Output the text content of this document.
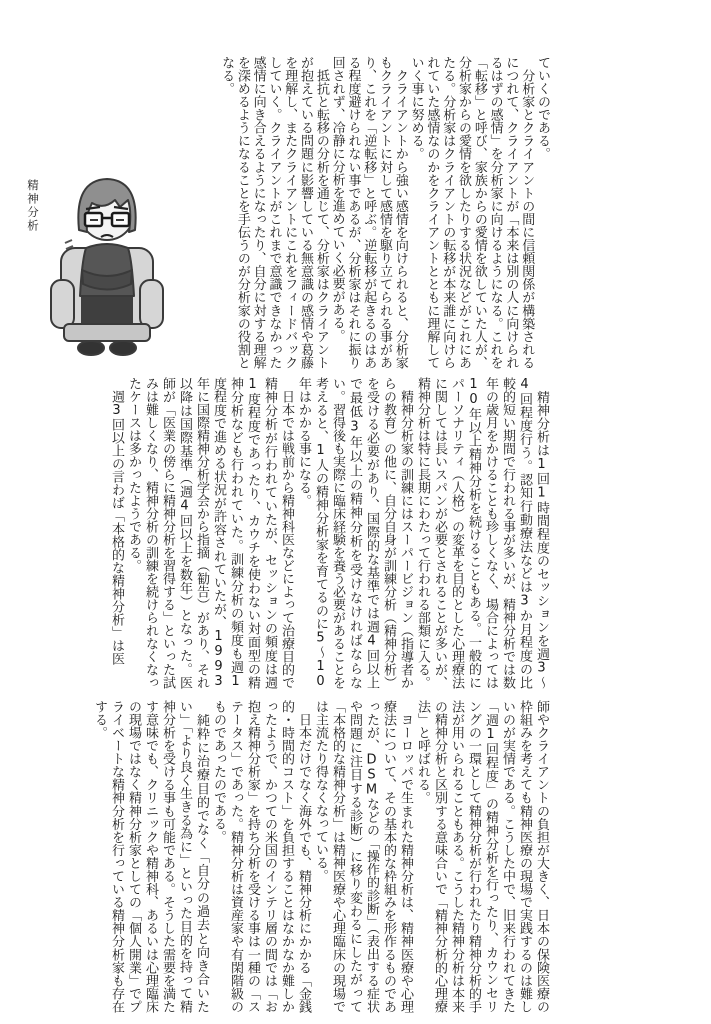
精神分析

ていくのである。

　分析家とクライアントの間に信頼関係が構築されるにつれて、クライアントが「本来は別の人に向けられるはずの感情」を分析家に向けるようになる。これを「転移」と呼び、家族からの愛情を欲していた人が、分析家からの愛情を欲したりする状況などがこれにあたる。分析家はクライアントの転移が本来誰に向けられていた感情なのかをクライアントとともに理解していく事に努める。

　クライアントから強い感情を向けられると、分析家もクライアントに対して感情を駆り立てられる事があり、これを「逆転移」と呼ぶ。逆転移が起きるのはある程度避けられない事であるが、分析家はそれに振り回されず、冷静に分析を進めていく必要がある。

　抵抗と転移の分析を通じて、分析家はクライアントが抱えている問題に影響している無意識の感情や葛藤を理解し、またクライアントにこれをフィードバックしていく。クライアントがこれまで意識できなかった感情に向き合えるようになったり、自分に対する理解を深めるようになることを手伝うのが分析家の役割となる。

　精神分析は1回1時間程度のセッションを週3～4回程度行う。認知行動療法などは3か月程度の比較的短い期間で行われる事が多いが、精神分析では数年の歳月をかけることも珍しくなく、場合によっては10年以上精神分析を続けることもある。一般的にパーソナリティ（人格）の変革を目的とした心理療法に関しては長いスパンが必要とされることが多いが、精神分析は特に長期にわたって行われる部類に入る。

　精神分析家の訓練にはスーパービジョン（指導者からの教育）の他に、自分自身が訓練分析（精神分析）を受ける必要があり、国際的な基準では週4回以上で最低3年以上の精神分析を受けなければならない。習得後も実際に臨床経験を養う必要があることを考えると、1人の精神分析家を育てるのに5～10年はかかる事になる。

　日本では戦前から精神科医などによって治療目的で精神分析が行われていたが、セッションの頻度は週1度程度であったり、カウチを使わない対面型の精神分析なども行われていた。訓練分析の頻度も週1度程度で進める状況が許容されていたが、1993年に国際精神分析学会から指摘（勧告）があり、それ以降は国際基準（週4回以上を数年）となった。医師が「医業の傍らに精神分析を習得する」といった試みは難しくなり、精神分析の訓練を続けられなくなったケースは多かったようである。

　週3回以上の言わば「本格的な精神分析」は医

師やクライアントの負担が大きく、日本の保険医療の枠組みを考えても精神医療の現場で実践するのは難しいのが実情である。こうした中で、旧来行われてきた「週1回程度」の精神分析を行ったり、カウンセリングの一環として精神分析が行われたり精神分析的手法が用いられることもある。こうした精神分析は本来の精神分析と区別する意味合いで「精神分析的心理療法」と呼ばれる。

　ヨーロッパで生まれた精神分析は、精神医療や心理療法について、その基本的な枠組みを形作るものであったが、DSMなどの「操作的診断」（表出する症状や問題に注目する診断）に移り変わるにしたがって「本格的な精神分析」は精神医療や心理臨床の現場では主流たり得なくなっている。

　日本だけでなく海外でも、精神分析にかかる「金銭的・時間的コスト」を負担することはなかなか難しかったようで、かつての米国のインテリ層の間では「お抱え精神分析家」を持ち分析を受ける事は一種の「ステータス」であった。精神分析は資産家や有閑階級のものであったのである。

　純粋に治療目的でなく「自分の過去と向き合いたい」「より良く生きる為に」といった目的を持って精神分析を受ける事も可能である。そうした需要を満たす意味でも、クリニックや精神科、あるいは心理臨床の現場ではなく精神分析家としての「個人開業」でプライベートな精神分析を行っている精神分析家も存在する。
